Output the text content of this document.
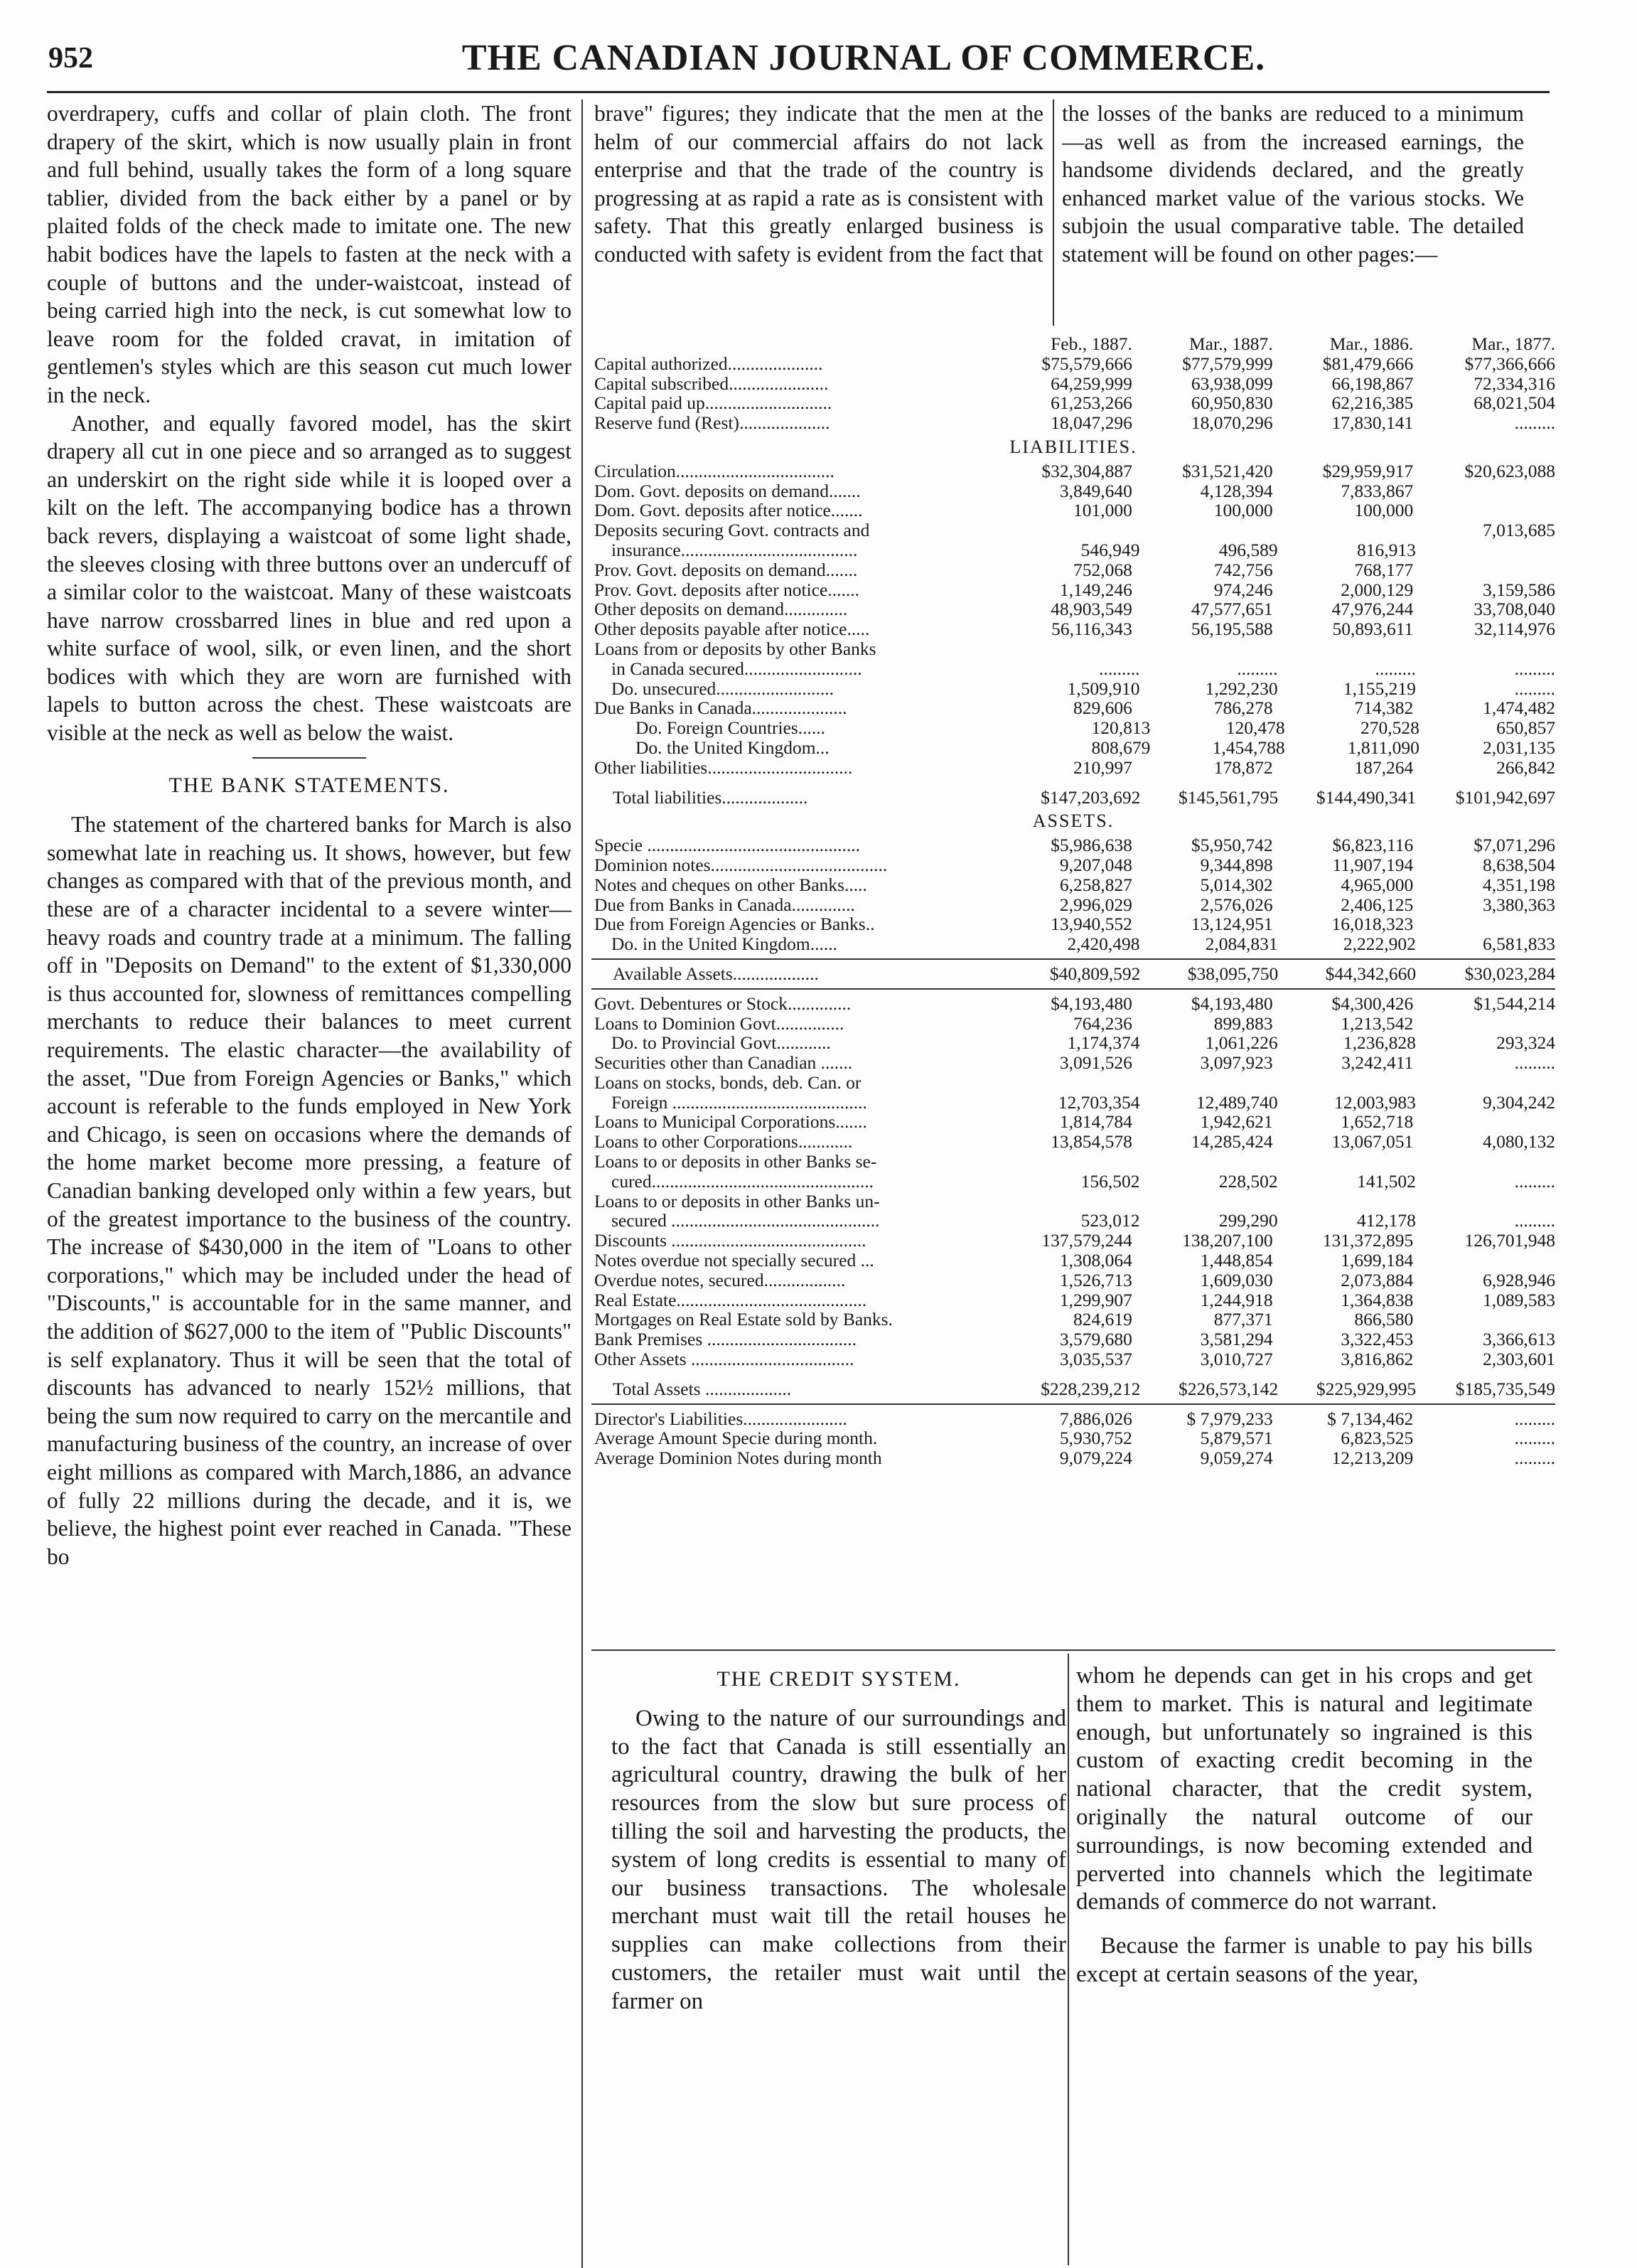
952	THE CANADIAN JOURNAL OF COMMERCE.

overdrapery, cuffs and collar of plain cloth. The front drapery of the skirt, which is now usually plain in front and full behind, usually takes the form of a long square tablier, divided from the back either by a panel or by plaited folds of the check made to imitate one. The new habit bodices have the lapels to fasten at the neck with a couple of buttons and the under-waistcoat, instead of being carried high into the neck, is cut somewhat low to leave room for the folded cravat, in imitation of gentlemen's styles which are this season cut much lower in the neck.

Another, and equally favored model, has the skirt drapery all cut in one piece and so arranged as to suggest an underskirt on the right side while it is looped over a kilt on the left. The accompanying bodice has a thrown back revers, displaying a waistcoat of some light shade, the sleeves closing with three buttons over an undercuff of a similar color to the waistcoat. Many of these waistcoats have narrow crossbarred lines in blue and red upon a white surface of wool, silk, or even linen, and the short bodices with which they are worn are furnished with lapels to button across the chest. These waistcoats are visible at the neck as well as below the waist.

THE BANK STATEMENTS.

The statement of the chartered banks for March is also somewhat late in reaching us. It shows, however, but few changes as compared with that of the previous month, and these are of a character incidental to a severe winter—heavy roads and country trade at a minimum. The falling off in "Deposits on Demand" to the extent of $1,330,000 is thus accounted for, slowness of remittances compelling merchants to reduce their balances to meet current requirements. The elastic character—the availability of the asset, "Due from Foreign Agencies or Banks," which account is referable to the funds employed in New York and Chicago, is seen on occasions where the demands of the home market become more pressing, a feature of Canadian banking developed only within a few years, but of the greatest importance to the business of the country. The increase of $430,000 in the item of "Loans to other corporations," which may be included under the head of "Discounts," is accountable for in the same manner, and the addition of $627,000 to the item of "Public Discounts" is self explanatory. Thus it will be seen that the total of discounts has advanced to nearly 152½ millions, that being the sum now required to carry on the mercantile and manufacturing business of the country, an increase of over eight millions as compared with March,1886, an advance of fully 22 millions during the decade, and it is, we believe, the highest point ever reached in Canada. "These bo

brave" figures; they indicate that the men at the helm of our commercial affairs do not lack enterprise and that the trade of the country is progressing at as rapid a rate as is consistent with safety. That this greatly enlarged business is conducted with safety is evident from the fact that

the losses of the banks are reduced to a minimum—as well as from the increased earnings, the handsome dividends declared, and the greatly enhanced market value of the various stocks. We subjoin the usual comparative table. The detailed statement will be found on other pages:—

Feb., 1887.	Mar., 1887.	Mar., 1886.	Mar., 1877.
Capital authorized.....................	$75,579,666	$77,579,999	$81,479,666	$77,366,666
Capital subscribed......................	64,259,999	63,938,099	66,198,867	72,334,316
Capital paid up............................	61,253,266	60,950,830	62,216,385	68,021,504
Reserve fund (Rest)....................	18,047,296	18,070,296	17,830,141	.........
LIABILITIES.
Circulation...................................	$32,304,887	$31,521,420	$29,959,917	$20,623,088
Dom. Govt. deposits on demand.......	3,849,640	4,128,394	7,833,867
Dom. Govt. deposits after notice.......	101,000	100,000	100,000
Deposits securing Govt. contracts and	7,013,685
insurance.......................................	546,949	496,589	816,913
Prov. Govt. deposits on demand.......	752,068	742,756	768,177
Prov. Govt. deposits after notice.......	1,149,246	974,246	2,000,129	3,159,586
Other deposits on demand..............	48,903,549	47,577,651	47,976,244	33,708,040
Other deposits payable after notice.....	56,116,343	56,195,588	50,893,611	32,114,976
Loans from or deposits by other Banks
in Canada secured..........................	.........	.........	.........	.........
Do. unsecured..........................	1,509,910	1,292,230	1,155,219	.........
Due Banks in Canada.....................	829,606	786,278	714,382	1,474,482
Do. Foreign Countries......	120,813	120,478	270,528	650,857
Do. the United Kingdom...	808,679	1,454,788	1,811,090	2,031,135
Other liabilities................................	210,997	178,872	187,264	266,842
Total liabilities...................	$147,203,692	$145,561,795	$144,490,341	$101,942,697
ASSETS.
Specie ...............................................	$5,986,638	$5,950,742	$6,823,116	$7,071,296
Dominion notes.......................................	9,207,048	9,344,898	11,907,194	8,638,504
Notes and cheques on other Banks.....	6,258,827	5,014,302	4,965,000	4,351,198
Due from Banks in Canada..............	2,996,029	2,576,026	2,406,125	3,380,363
Due from Foreign Agencies or Banks..	13,940,552	13,124,951	16,018,323
Do. in the United Kingdom......	2,420,498	2,084,831	2,222,902	6,581,833
Available Assets...................	$40,809,592	$38,095,750	$44,342,660	$30,023,284
Govt. Debentures or Stock..............	$4,193,480	$4,193,480	$4,300,426	$1,544,214
Loans to Dominion Govt...............	764,236	899,883	1,213,542
Do. to Provincial Govt............	1,174,374	1,061,226	1,236,828	293,324
Securities other than Canadian .......	3,091,526	3,097,923	3,242,411	.........
Loans on stocks, bonds, deb. Can. or
Foreign ...........................................	12,703,354	12,489,740	12,003,983	9,304,242
Loans to Municipal Corporations.......	1,814,784	1,942,621	1,652,718
Loans to other Corporations............	13,854,578	14,285,424	13,067,051	4,080,132
Loans to or deposits in other Banks se-
cured.................................................	156,502	228,502	141,502	.........
Loans to or deposits in other Banks un-
secured ..............................................	523,012	299,290	412,178	.........
Discounts ...........................................	137,579,244	138,207,100	131,372,895	126,701,948
Notes overdue not specially secured ...	1,308,064	1,448,854	1,699,184
Overdue notes, secured..................	1,526,713	1,609,030	2,073,884	6,928,946
Real Estate..........................................	1,299,907	1,244,918	1,364,838	1,089,583
Mortgages on Real Estate sold by Banks.	824,619	877,371	866,580
Bank Premises .................................	3,579,680	3,581,294	3,322,453	3,366,613
Other Assets ....................................	3,035,537	3,010,727	3,816,862	2,303,601
Total Assets ...................	$228,239,212	$226,573,142	$225,929,995	$185,735,549
Director's Liabilities.......................	7,886,026	$ 7,979,233	$ 7,134,462	.........
Average Amount Specie during month.	5,930,752	5,879,571	6,823,525	.........
Average Dominion Notes during month	9,079,224	9,059,274	12,213,209	.........
THE CREDIT SYSTEM.

Owing to the nature of our surroundings and to the fact that Canada is still essentially an agricultural country, drawing the bulk of her resources from the slow but sure process of tilling the soil and harvesting the products, the system of long credits is essential to many of our business transactions. The wholesale merchant must wait till the retail houses he supplies can make collections from their customers, the retailer must wait until the farmer on

whom he depends can get in his crops and get them to market. This is natural and legitimate enough, but unfortunately so ingrained is this custom of exacting credit becoming in the national character, that the credit system, originally the natural outcome of our surroundings, is now becoming extended and perverted into channels which the legitimate demands of commerce do not warrant.

Because the farmer is unable to pay his bills except at certain seasons of the year,
